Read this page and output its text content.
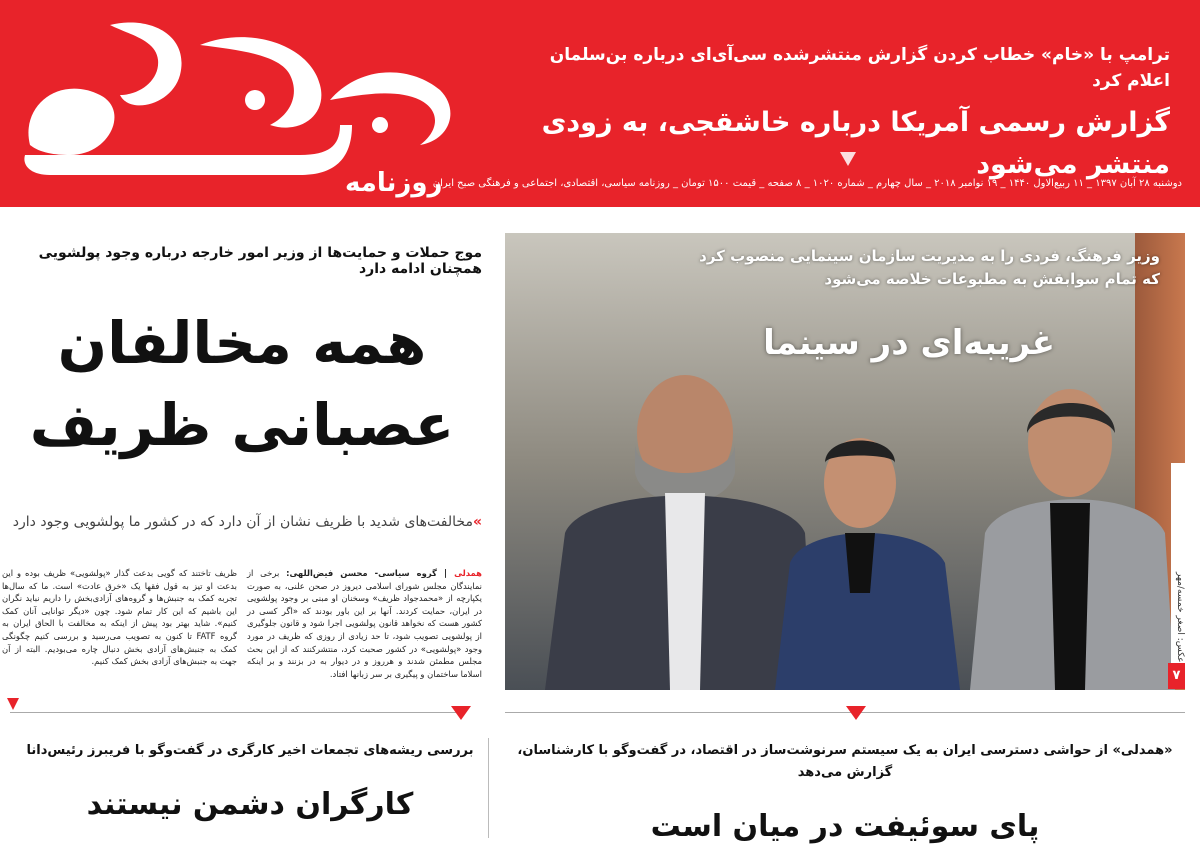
روزنامه
ترامپ با «خام» خطاب کردن گزارش منتشرشده سی‌آی‌ای درباره بن‌سلمان اعلام کرد
گزارش رسمی آمریکا درباره خاشقجی، به زودی منتشر می‌شود
دوشنبه ۲۸ آبان ۱۳۹۷ _ ۱۱ ربیع‌الاول ۱۴۴۰ _ ۱۹ نوامبر ۲۰۱۸ _ سال چهارم _ شماره ۱۰۲۰ _ ۸ صفحه _ قیمت ۱۵۰۰ تومان _ روزنامه سیاسی، اقتصادی، اجتماعی و فرهنگی صبح ایران
موج حملات و حمایت‌ها از وزیر امور خارجه درباره وجود پولشویی همچنان ادامه دارد
همه مخالفان
عصبانی ظریف
»مخالفت‌های شدید با ظریف نشان از آن دارد که در کشور ما پولشویی وجود دارد
همدلی | گروه سیاسی- محسن فیض‌اللهی: برخی از نمایندگان مجلس شورای اسلامی دیروز در صحن علنی، به صورت یکپارچه از «محمدجواد ظریف» وسخنان او مبنی بر وجود پولشویی در ایران، حمایت کردند. آنها بر این باور بودند که «اگر کسی در کشور هست که نخواهد قانون پولشویی اجرا شود و قانون جلوگیری از پولشویی تصویب شود، تا حد زیادی از روزی که ظریف در مورد وجود «پولشویی» در کشور صحبت کرد، منتشرکنند که از این بحث مجلس مطمئن شدند و هرروز و در دیوار به در بزنند و بر اینکه اسلاما ساختمان و پیگیری بر سر زبانها افتاد.
ظریف تاختند که گویی بدعت گذار «پولشویی» ظریف بوده و این بدعت او تیز به قول فقها یک «خرق عادت» است. ما که سال‌ها تجربه کمک به جنبش‌ها و گروه‌های آزادی‌بخش را داریم نباید نگران این باشیم که این کار تمام شود. چون «دیگر توانایی آنان کمک کنیم». شاید بهتر بود پیش از اینکه به مخالفت با الحاق ایران به گروه FATF تا کنون به تصویب می‌رسید و بررسی کنیم چگونگی کمک به جنبش‌های آزادی بخش دنبال چاره می‌بودیم. البته از آن جهت به جنبش‌های آزادی بخش کمک کنیم.
وزیر فرهنگ، فردی را به مدیریت سازمان سینمایی منصوب کرد
که تمام سوابقش به مطبوعات خلاصه می‌شود
غریبه‌ای در سینما
عکس: اصغر خمسه/مهر
۷
«همدلی» از حواشی دسترسی ایران به یک سیستم سرنوشت‌ساز در اقتصاد، در گفت‌وگو با کارشناسان، گزارش می‌دهد
پای سوئیفت در میان است
بررسی ریشه‌های تجمعات اخیر کارگری در گفت‌وگو با فریبرز رئیس‌دانا
کارگران دشمن نیستند
